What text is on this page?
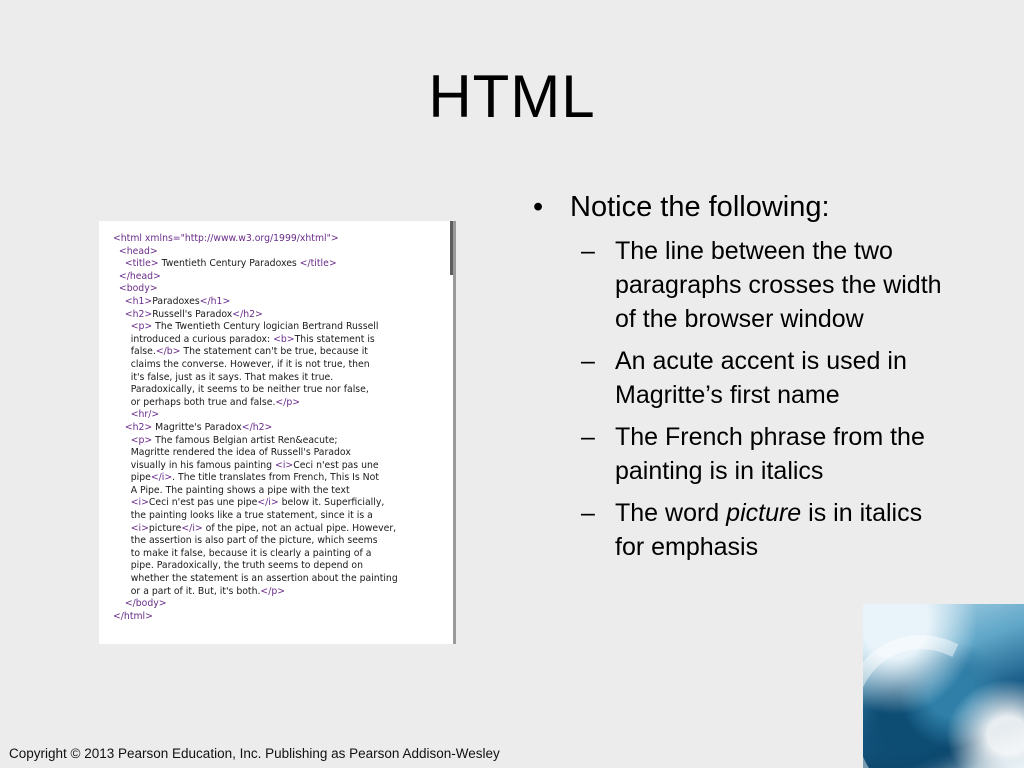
HTML
<html xmlns="http://www.w3.org/1999/xhtml">
<head>
<title> Twentieth Century Paradoxes </title>
</head>
<body>
<h1>Paradoxes</h1>
<h2>Russell's Paradox</h2>
<p> The Twentieth Century logician Bertrand Russell
introduced a curious paradox: <b>This statement is
false.</b> The statement can't be true, because it
claims the converse. However, if it is not true, then
it's false, just as it says. That makes it true.
Paradoxically, it seems to be neither true nor false,
or perhaps both true and false.</p>
<hr/>
<h2> Magritte's Paradox</h2>
<p> The famous Belgian artist Ren&eacute;
Magritte rendered the idea of Russell's Paradox
visually in his famous painting <i>Ceci n'est pas une
pipe</i>. The title translates from French, This Is Not
A Pipe. The painting shows a pipe with the text
<i>Ceci n'est pas une pipe</i> below it. Superficially,
the painting looks like a true statement, since it is a
<i>picture</i> of the pipe, not an actual pipe. However,
the assertion is also part of the picture, which seems
to make it false, because it is clearly a painting of a
pipe. Paradoxically, the truth seems to depend on
whether the statement is an assertion about the painting
or a part of it. But, it's both.</p>
</body>
</html>
• Notice the following:
– The line between the two paragraphs crosses the width of the browser window
– An acute accent is used in Magritte’s first name
– The French phrase from the painting is in italics
– The word picture is in italics for emphasis
Copyright © 2013 Pearson Education, Inc. Publishing as Pearson Addison-Wesley
